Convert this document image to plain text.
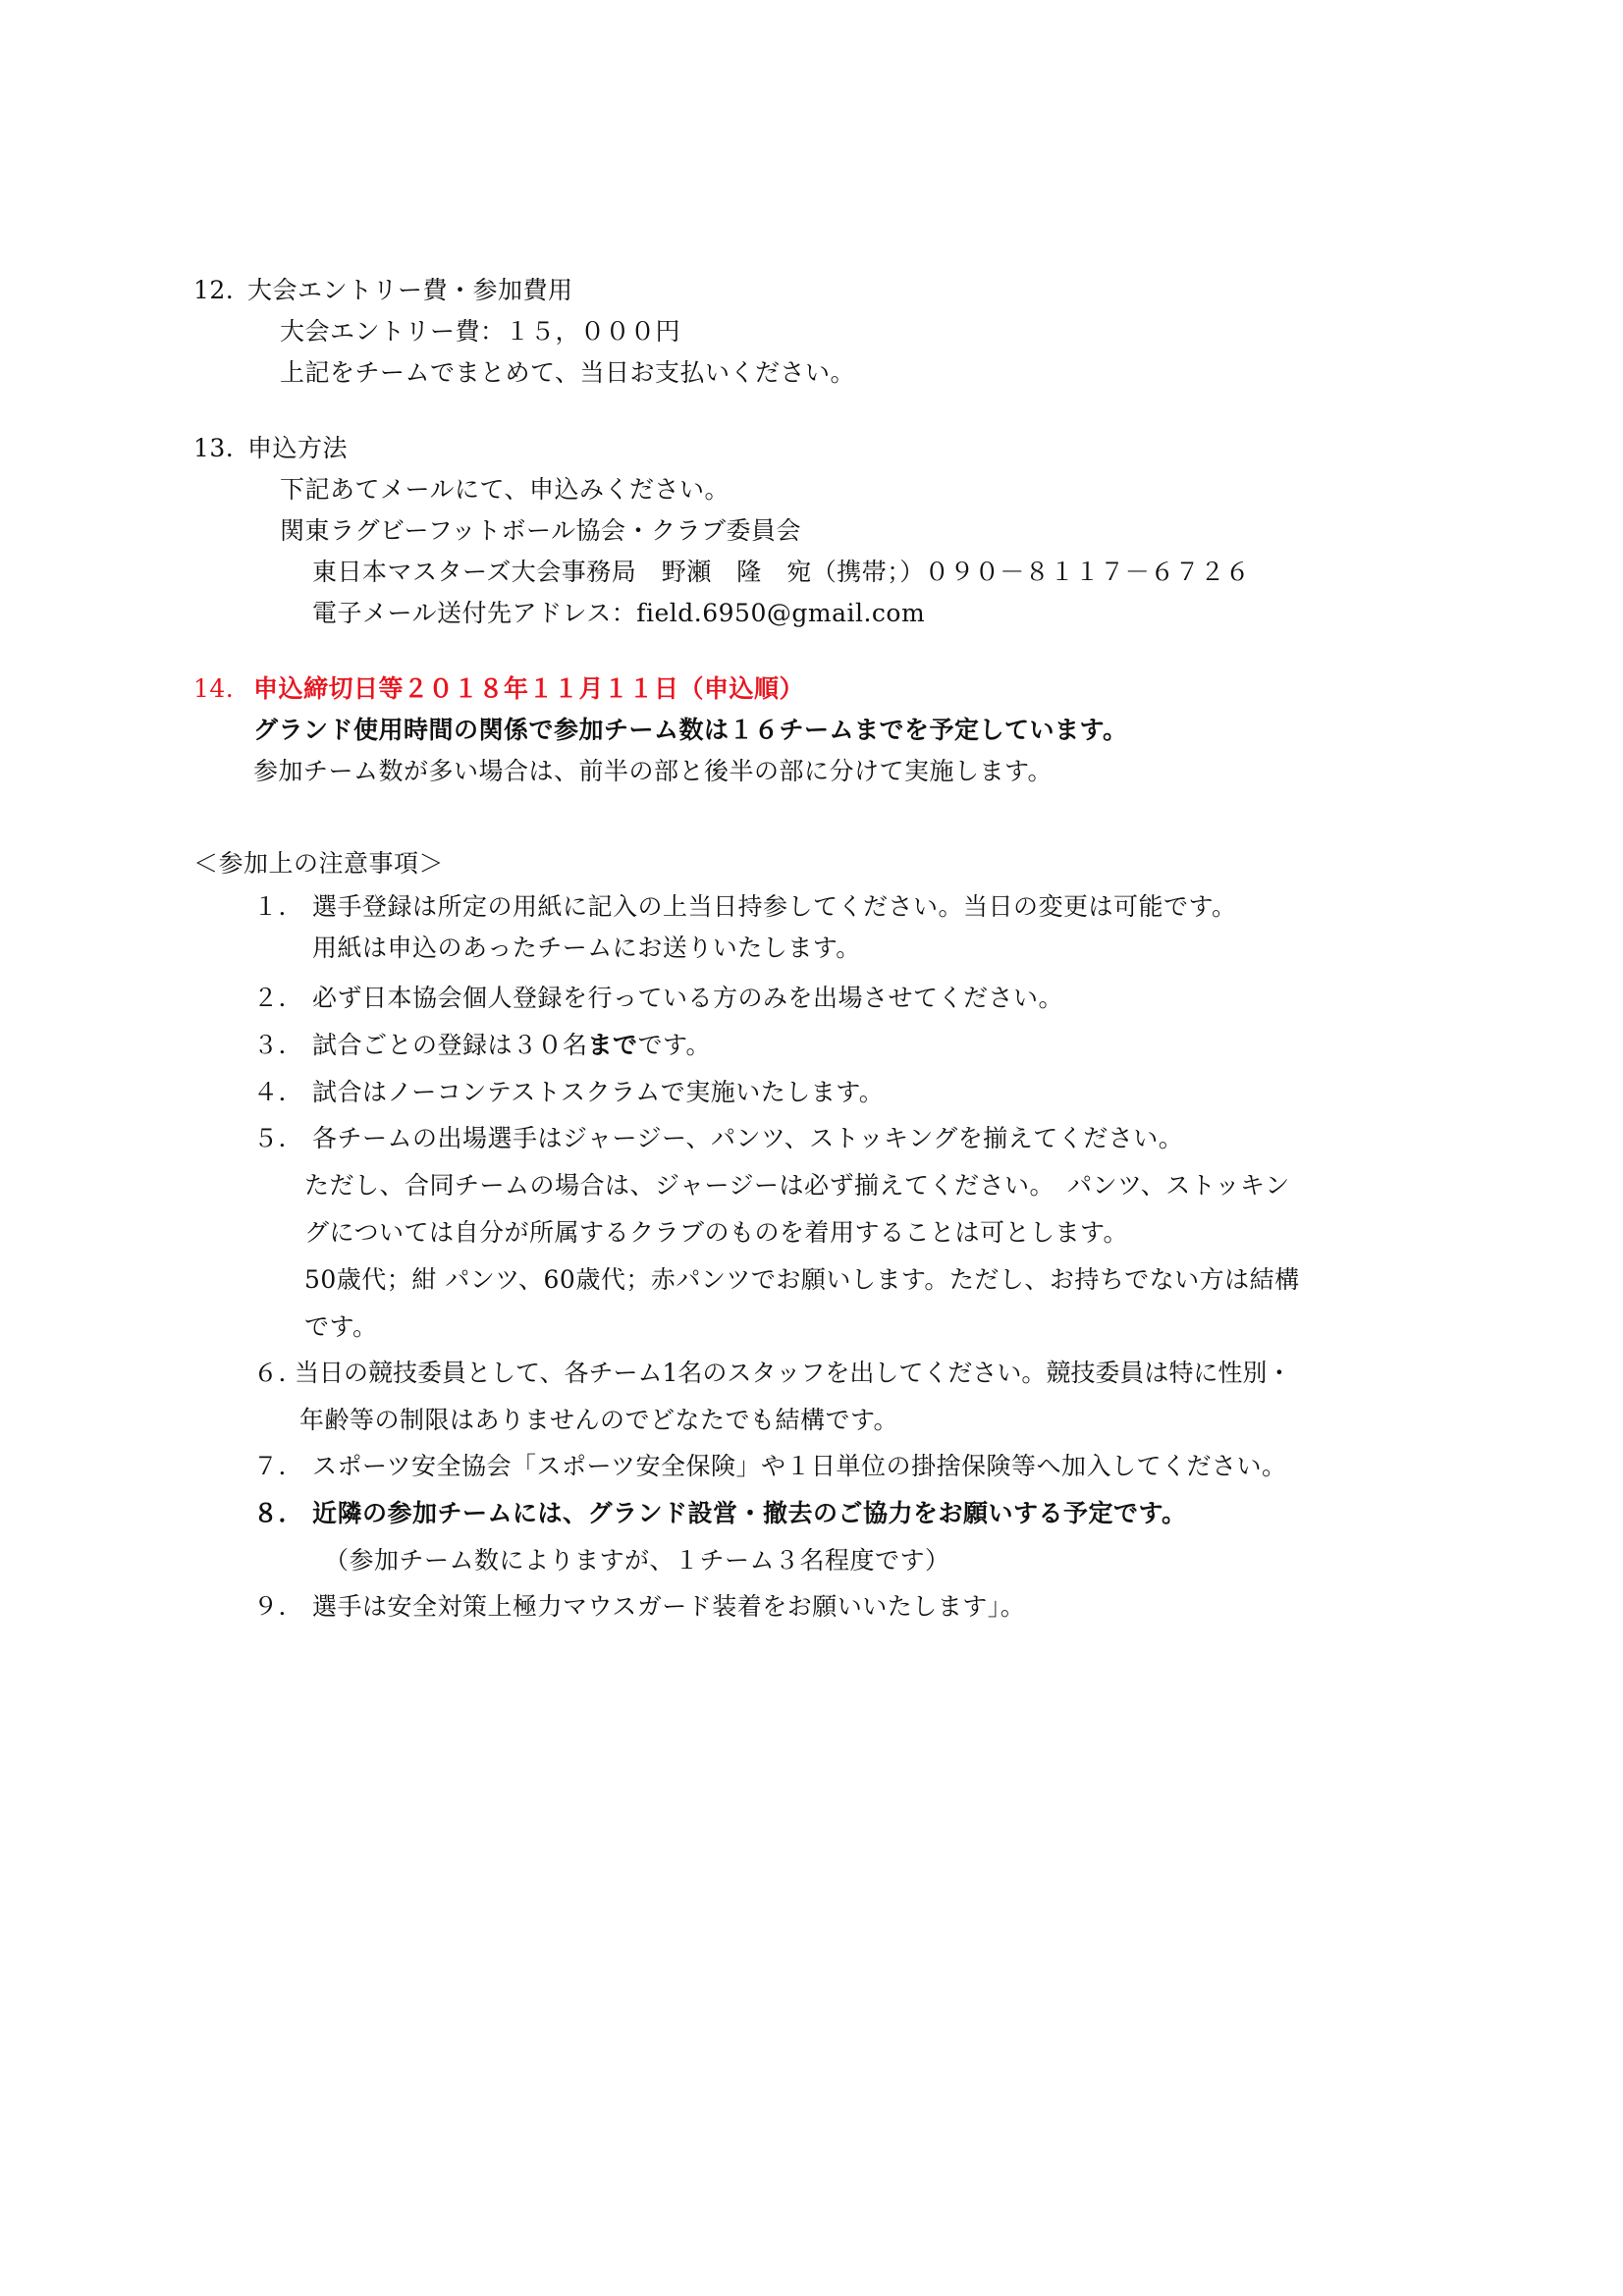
12. 大会エントリー費・参加費用
大会エントリー費：１５，０００円
上記をチームでまとめて、当日お支払いください。
13. 申込方法
下記あてメールにて、申込みください。
関東ラグビーフットボール協会・クラブ委員会
東日本マスターズ大会事務局　野瀬　隆　宛（携帯；）０９０－８１１７－６７２６
電子メール送付先アドレス：field.6950@gmail.com
14. 申込締切日等２０１８年１１月１１日（申込順）
グランド使用時間の関係で参加チーム数は１６チームまでを予定しています。
参加チーム数が多い場合は、前半の部と後半の部に分けて実施します。
＜参加上の注意事項＞
１． 選手登録は所定の用紙に記入の上当日持参してください。当日の変更は可能です。
用紙は申込のあったチームにお送りいたします。
２． 必ず日本協会個人登録を行っている方のみを出場させてください。
３． 試合ごとの登録は３０名までです。
４． 試合はノーコンテストスクラムで実施いたします。
５． 各チームの出場選手はジャージー、パンツ、ストッキングを揃えてください。
ただし、合同チームの場合は、ジャージーは必ず揃えてください。　パンツ、ストッキン
グについては自分が所属するクラブのものを着用することは可とします。
50歳代；紺 パンツ、60歳代；赤パンツでお願いします。ただし、お持ちでない方は結構
です。
６．
当日の競技委員として、各チーム1名のスタッフを出してください。競技委員は特に性別・
年齢等の制限はありませんのでどなたでも結構です。
７． スポーツ安全協会「スポーツ安全保険」や１日単位の掛捨保険等へ加入してください。
８． 近隣の参加チームには、グランド設営・撤去のご協力をお願いする予定です。
（参加チーム数によりますが、１チーム３名程度です）
９． 選手は安全対策上極力マウスガード装着をお願いいたします」。
